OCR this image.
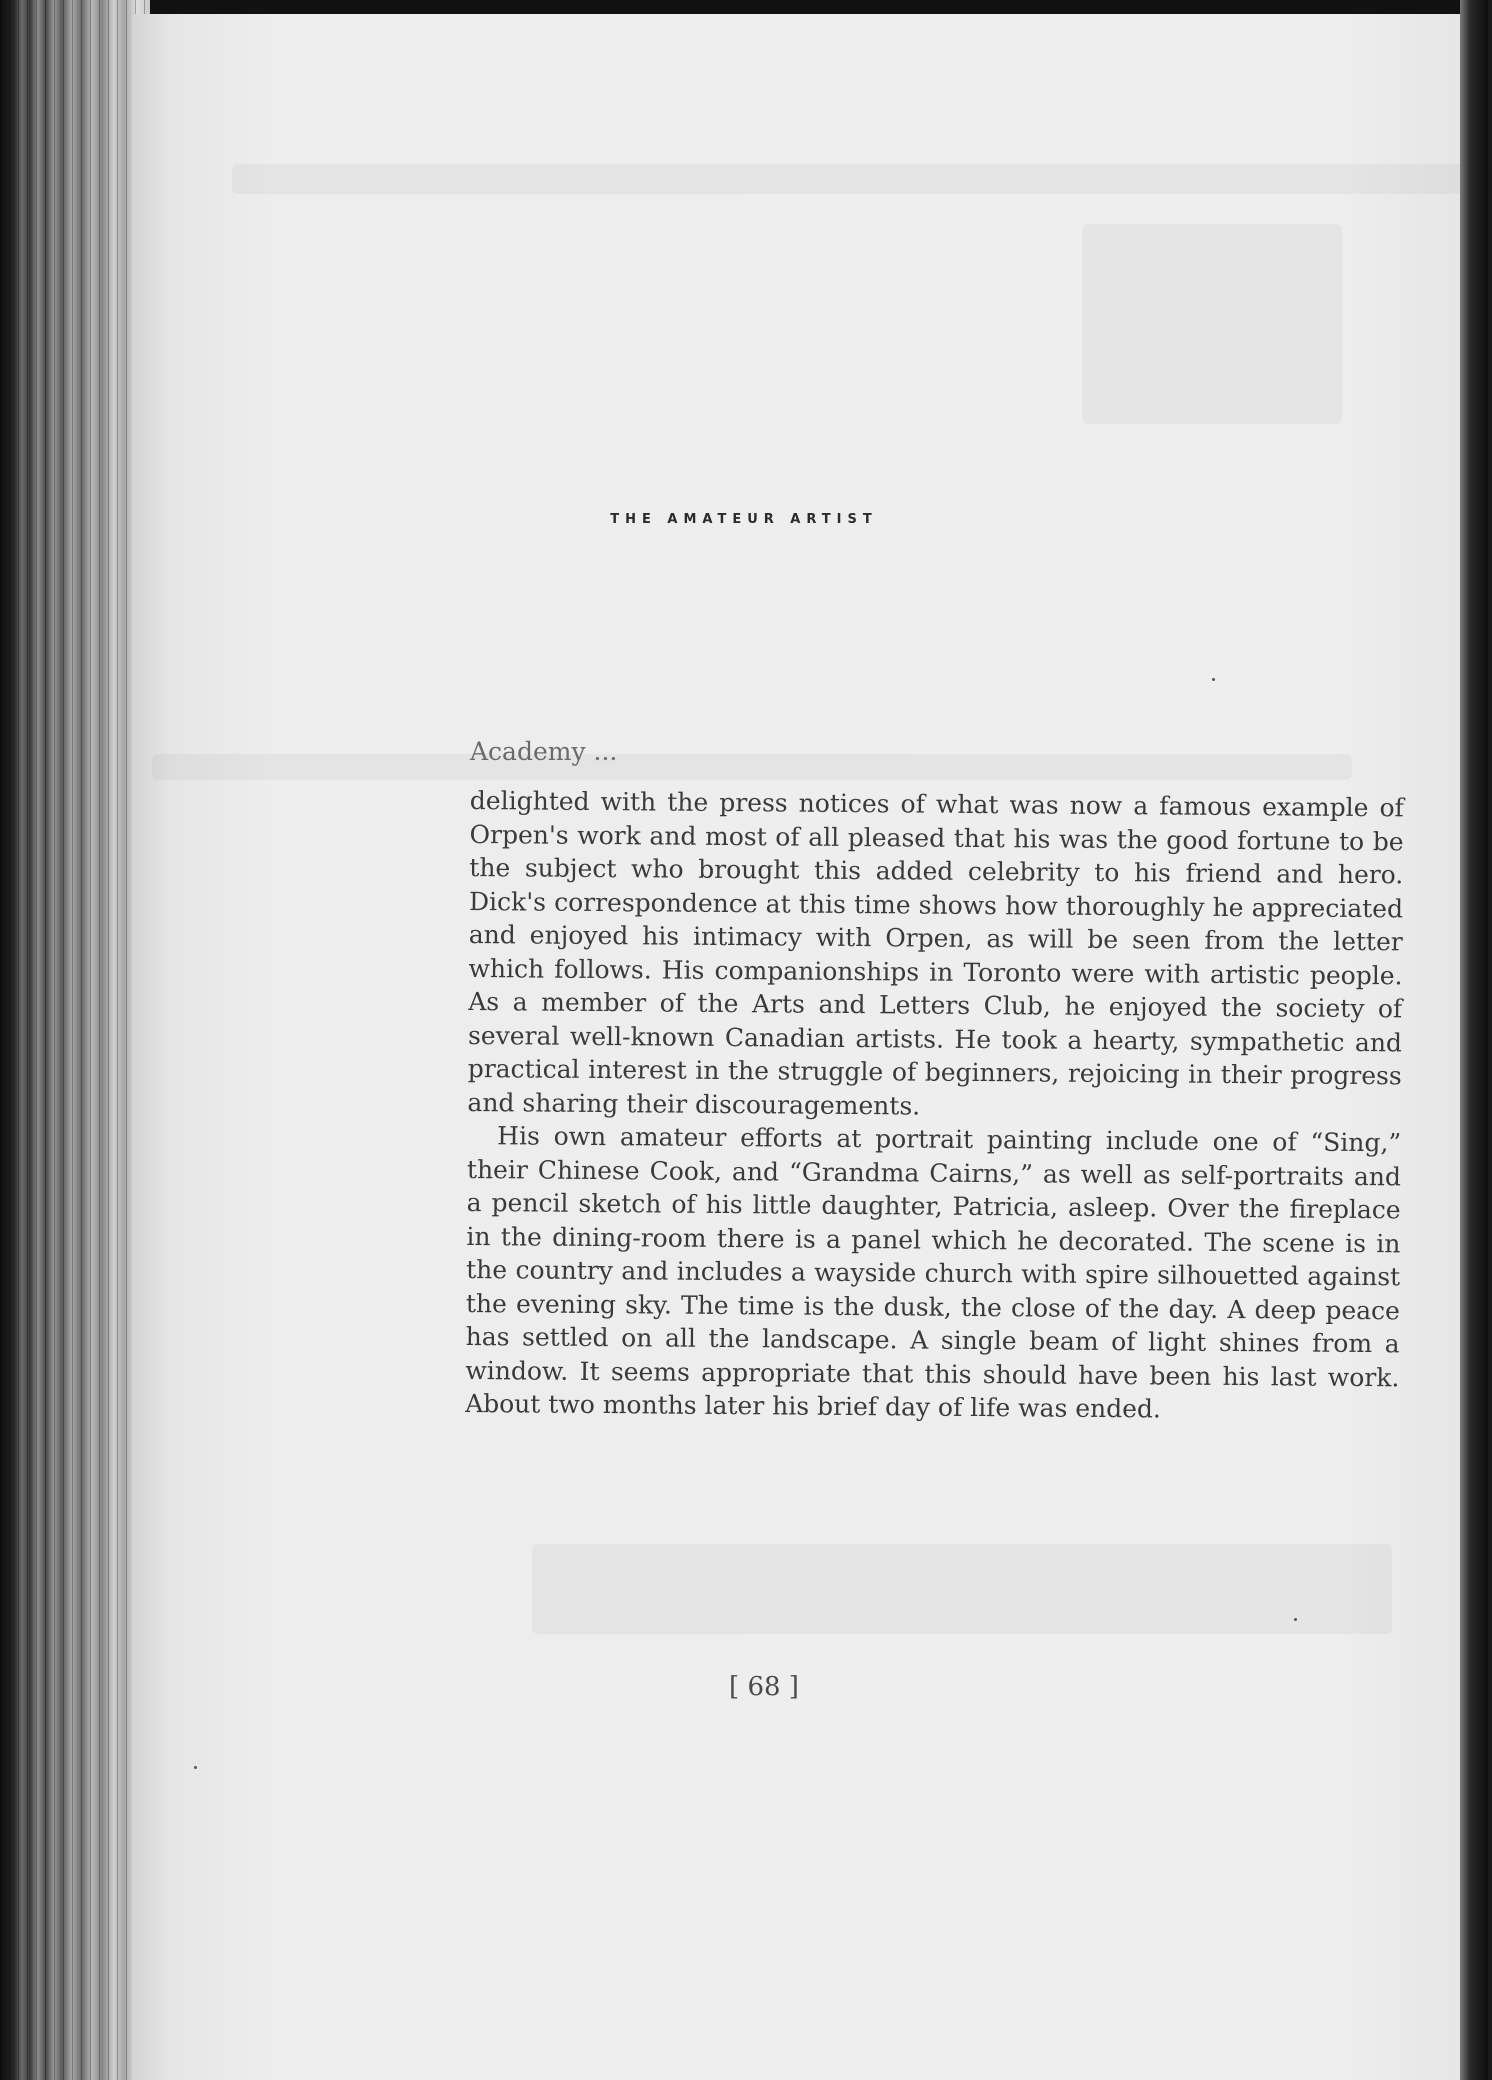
THE AMATEUR ARTIST
Academy ...

delighted with the press notices of what was now a famous example of Orpen's work and most of all pleased that his was the good fortune to be the subject who brought this added celebrity to his friend and hero. Dick's correspondence at this time shows how thoroughly he appreciated and enjoyed his intimacy with Orpen, as will be seen from the letter which follows. His companionships in Toronto were with artistic people. As a member of the Arts and Letters Club, he enjoyed the society of several well-known Canadian artists. He took a hearty, sympathetic and practical interest in the struggle of beginners, rejoicing in their progress and sharing their discouragements.

His own amateur efforts at portrait painting include one of “Sing,” their Chinese Cook, and “Grandma Cairns,” as well as self-portraits and a pencil sketch of his little daughter, Patricia, asleep. Over the fireplace in the dining-room there is a panel which he decorated. The scene is in the country and includes a wayside church with spire silhouetted against the evening sky. The time is the dusk, the close of the day. A deep peace has settled on all the landscape. A single beam of light shines from a window. It seems appropriate that this should have been his last work. About two months later his brief day of life was ended.

[ 68 ]
